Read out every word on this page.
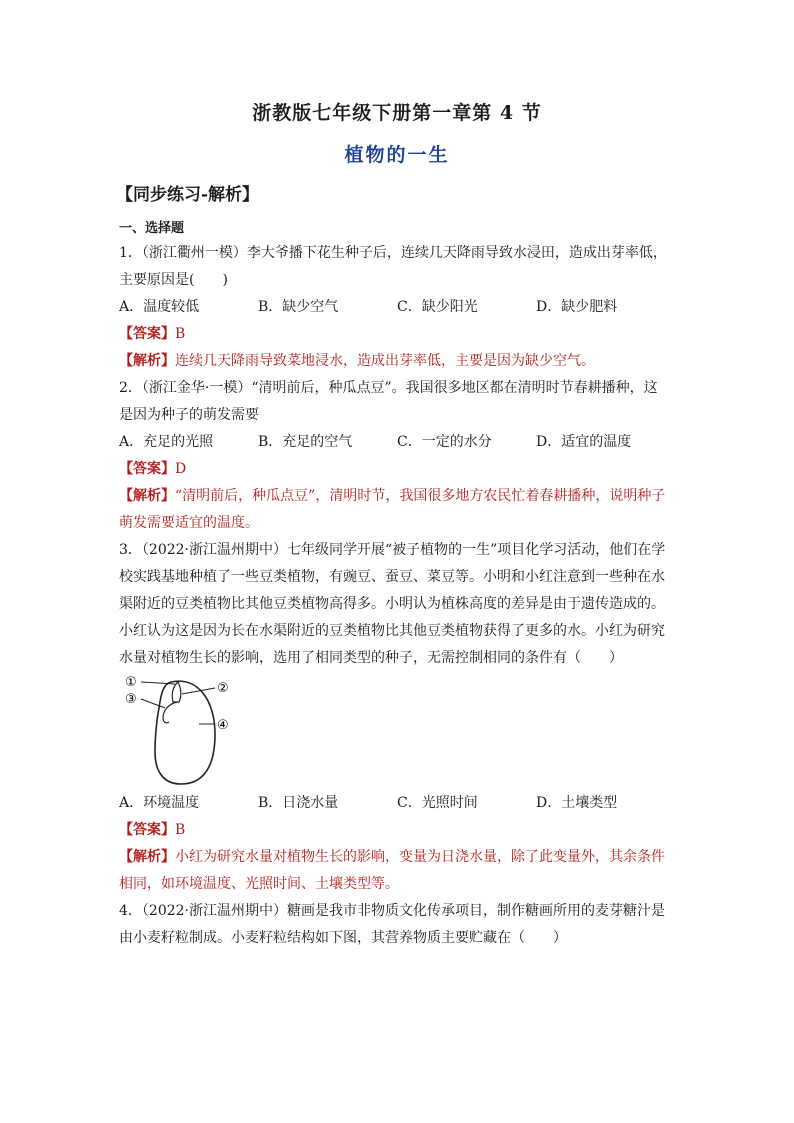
浙教版七年级下册第一章第 4 节
植物的一生
【同步练习-解析】
一、选择题
1．（浙江衢州一模）李大爷播下花生种子后，连续几天降雨导致水浸田，造成出芽率低，
主要原因是(　　)
A．温度较低	B．缺少空气	C．缺少阳光	D．缺少肥料
【答案】B
【解析】连续几天降雨导致菜地浸水，造成出芽率低，主要是因为缺少空气。
2．（浙江金华·一模）“清明前后，种瓜点豆”。我国很多地区都在清明时节春耕播种，这
是因为种子的萌发需要
A．充足的光照	B．充足的空气	C．一定的水分	D．适宜的温度
【答案】D
【解析】“清明前后，种瓜点豆”，清明时节，我国很多地方农民忙着春耕播种，说明种子
萌发需要适宜的温度。
3．（2022·浙江温州期中）七年级同学开展“被子植物的一生”项目化学习活动，他们在学
校实践基地种植了一些豆类植物，有豌豆、蚕豆、菜豆等。小明和小红注意到一些种在水
渠附近的豆类植物比其他豆类植物高得多。小明认为植株高度的差异是由于遗传造成的。
小红认为这是因为长在水渠附近的豆类植物比其他豆类植物获得了更多的水。小红为研究
水量对植物生长的影响，选用了相同类型的种子，无需控制相同的条件有（　　）
①	②
③
④
A．环境温度	B．日浇水量	C．光照时间	D．土壤类型
【答案】B
【解析】小红为研究水量对植物生长的影响，变量为日浇水量，除了此变量外，其余条件
相同，如环境温度、光照时间、土壤类型等。
4．（2022·浙江温州期中）糖画是我市非物质文化传承项目，制作糖画所用的麦芽糖汁是
由小麦籽粒制成。小麦籽粒结构如下图，其营养物质主要贮藏在（　　）
